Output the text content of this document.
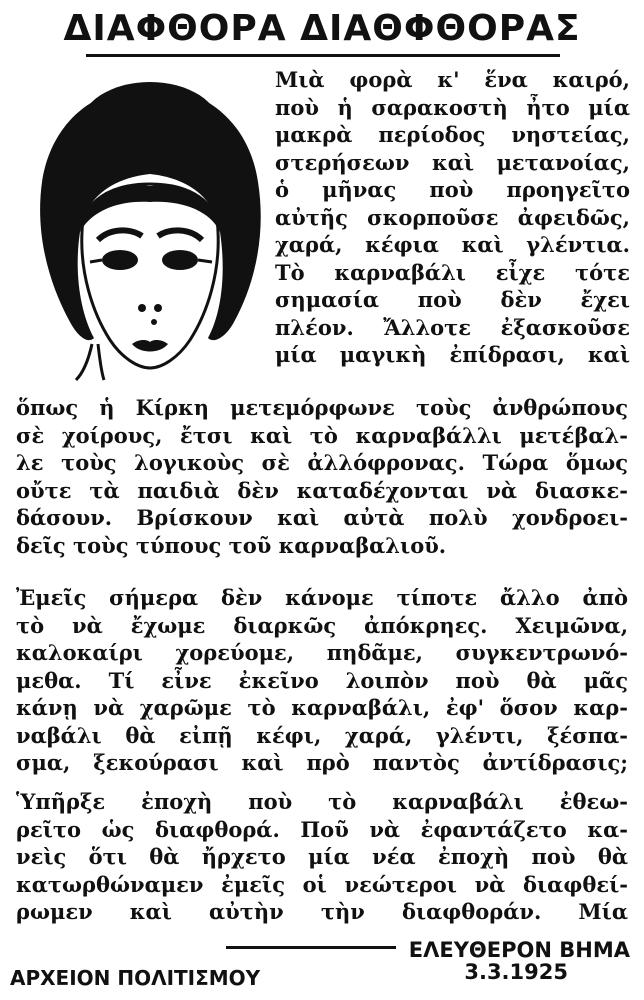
ΔΙΑΦΘΟΡΑ ΔΙΑΘΦΘΟΡΑΣ
Μιὰ φορὰ κ' ἕνα καιρό,
ποὺ ἡ σαρακοστὴ ἦτο μία
μακρὰ περίοδος νηστείας,
στερήσεων καὶ μετανοίας,
ὁ μῆνας ποὺ προηγεῖτο
αὐτῆς σκορποῦσε ἀφειδῶς,
χαρά, κέφια καὶ γλέντια.
Τὸ καρναβάλι εἶχε τότε
σημασία ποὺ δὲν ἔχει
πλέον. Ἄλλοτε ἐξασκοῦσε
μία μαγικὴ ἐπίδρασι, καὶ
ὅπως ἡ Κίρκη μετεμόρφωνε τοὺς ἀνθρώπους
σὲ χοίρους, ἔτσι καὶ τὸ καρναβάλλι μετέβαλ-
λε τοὺς λογικοὺς σὲ ἀλλόφρονας. Τώρα ὅμως
οὔτε τὰ παιδιὰ δὲν καταδέχονται νὰ διασκε-
δάσουν. Βρίσκουν καὶ αὐτὰ πολὺ χονδροει-
δεῖς τοὺς τύπους τοῦ καρναβαλιοῦ.
Ἐμεῖς σήμερα δὲν κάνομε τίποτε ἄλλο ἀπὸ
τὸ νὰ ἔχωμε διαρκῶς ἀπόκρηες. Χειμῶνα,
καλοκαίρι χορεύομε, πηδᾶμε, συγκεντρωνό-
μεθα. Τί εἶνε ἐκεῖνο λοιπὸν ποὺ θὰ μᾶς
κάνῃ νὰ χαρῶμε τὸ καρναβάλι, ἐφ' ὅσον καρ-
ναβάλι θὰ εἰπῇ κέφι, χαρά, γλέντι, ξέσπα-
σμα, ξεκούρασι καὶ πρὸ παντὸς ἀντίδρασις;
Ὑπῆρξε ἐποχὴ ποὺ τὸ καρναβάλι ἐθεω-
ρεῖτο ὡς διαφθορά. Ποῦ νὰ ἐφαντάζετο κα-
νεὶς ὅτι θὰ ἤρχετο μία νέα ἐποχὴ ποὺ θὰ
κατωρθώναμεν ἐμεῖς οἱ νεώτεροι νὰ διαφθεί-
ρωμεν καὶ αὐτὴν τὴν διαφθοράν. Μία
ΕΛΕΥΘΕΡΟΝ ΒΗΜΑ
3.3.1925
ΑΡΧΕΙΟΝ ΠΟΛΙΤΙΣΜΟΥ
